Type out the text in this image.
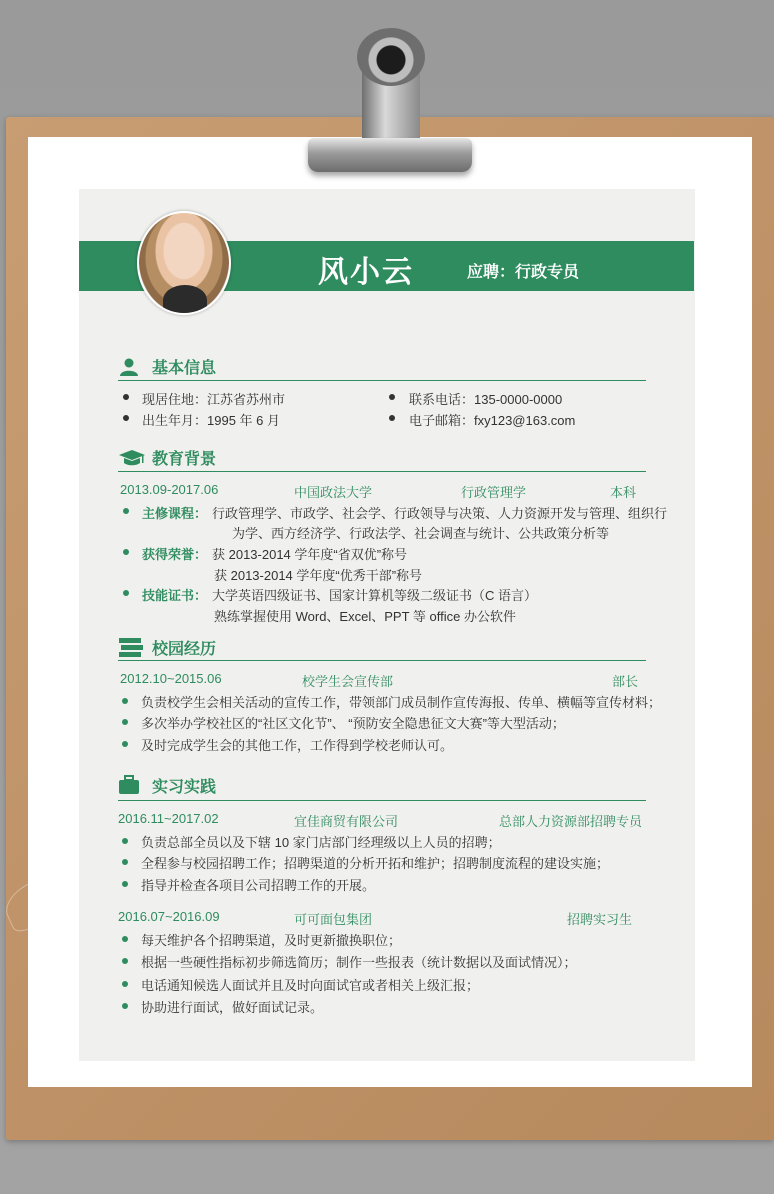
风小云	应聘：行政专员
基本信息
现居住地：江苏省苏州市	联系电话：135-0000-0000
出生年月：1995 年 6 月	电子邮箱：fxy123@163.com
教育背景
2013.09-2017.06	中国政法大学	行政管理学	本科
主修课程： 行政管理学、市政学、社会学、行政领导与决策、人力资源开发与管理、组织行
为学、西方经济学、行政法学、社会调查与统计、公共政策分析等
获得荣誉： 获 2013-2014 学年度“省双优”称号
获 2013-2014 学年度“优秀干部”称号
技能证书： 大学英语四级证书、国家计算机等级二级证书（C 语言）
熟练掌握使用 Word、Excel、PPT 等 office 办公软件
校园经历
2012.10~2015.06	校学生会宣传部	部长
负责校学生会相关活动的宣传工作，带领部门成员制作宣传海报、传单、横幅等宣传材料；
多次举办学校社区的“社区文化节”、 “预防安全隐患征文大赛”等大型活动；
及时完成学生会的其他工作，工作得到学校老师认可。
实习实践
2016.11~2017.02	宜佳商贸有限公司	总部人力资源部招聘专员
负责总部全员以及下辖 10 家门店部门经理级以上人员的招聘；
全程参与校园招聘工作；招聘渠道的分析开拓和维护；招聘制度流程的建设实施；
指导并检查各项目公司招聘工作的开展。
2016.07~2016.09	可可面包集团	招聘实习生
每天维护各个招聘渠道，及时更新撤换职位；
根据一些硬性指标初步筛选简历；制作一些报表（统计数据以及面试情况）；
电话通知候选人面试并且及时向面试官或者相关上级汇报；
协助进行面试，做好面试记录。
